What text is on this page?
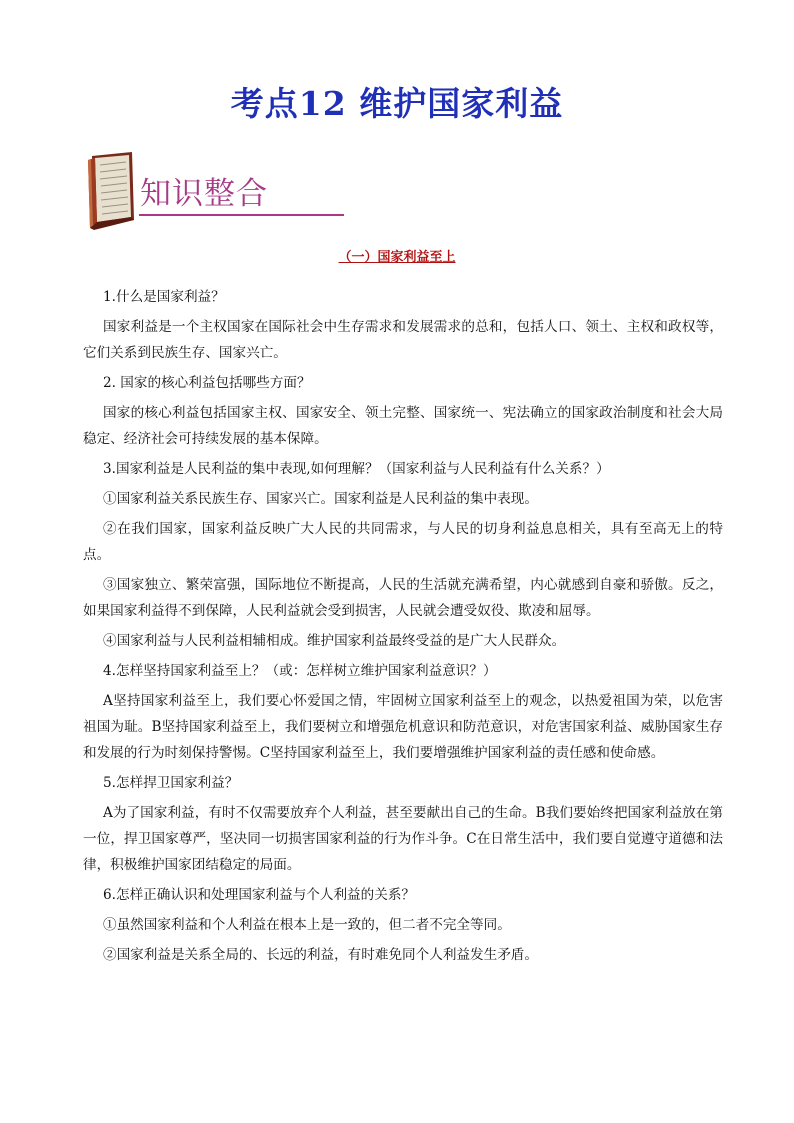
考点12 维护国家利益
知识整合
（一）国家利益至上

1.什么是国家利益？

国家利益是一个主权国家在国际社会中生存需求和发展需求的总和，包括人口、领土、主权和政权等，它们关系到民族生存、国家兴亡。

2. 国家的核心利益包括哪些方面？

国家的核心利益包括国家主权、国家安全、领土完整、国家统一、宪法确立的国家政治制度和社会大局稳定、经济社会可持续发展的基本保障。

3.国家利益是人民利益的集中表现,如何理解？（国家利益与人民利益有什么关系？）

①国家利益关系民族生存、国家兴亡。国家利益是人民利益的集中表现。

②在我们国家，国家利益反映广大人民的共同需求，与人民的切身利益息息相关，具有至高无上的特点。

③国家独立、繁荣富强，国际地位不断提高，人民的生活就充满希望，内心就感到自豪和骄傲。反之，如果国家利益得不到保障，人民利益就会受到损害，人民就会遭受奴役、欺凌和屈辱。

④国家利益与人民利益相辅相成。维护国家利益最终受益的是广大人民群众。

4.怎样坚持国家利益至上？（或：怎样树立维护国家利益意识？）

A坚持国家利益至上，我们要心怀爱国之情，牢固树立国家利益至上的观念，以热爱祖国为荣，以危害祖国为耻。B坚持国家利益至上，我们要树立和增强危机意识和防范意识，对危害国家利益、威胁国家生存和发展的行为时刻保持警惕。C坚持国家利益至上，我们要增强维护国家利益的责任感和使命感。

5.怎样捍卫国家利益？

A为了国家利益，有时不仅需要放弃个人利益，甚至要献出自己的生命。B我们要始终把国家利益放在第一位，捍卫国家尊严，坚决同一切损害国家利益的行为作斗争。C在日常生活中，我们要自觉遵守道德和法律，积极维护国家团结稳定的局面。

6.怎样正确认识和处理国家利益与个人利益的关系？

①虽然国家利益和个人利益在根本上是一致的，但二者不完全等同。

②国家利益是关系全局的、长远的利益，有时难免同个人利益发生矛盾。
